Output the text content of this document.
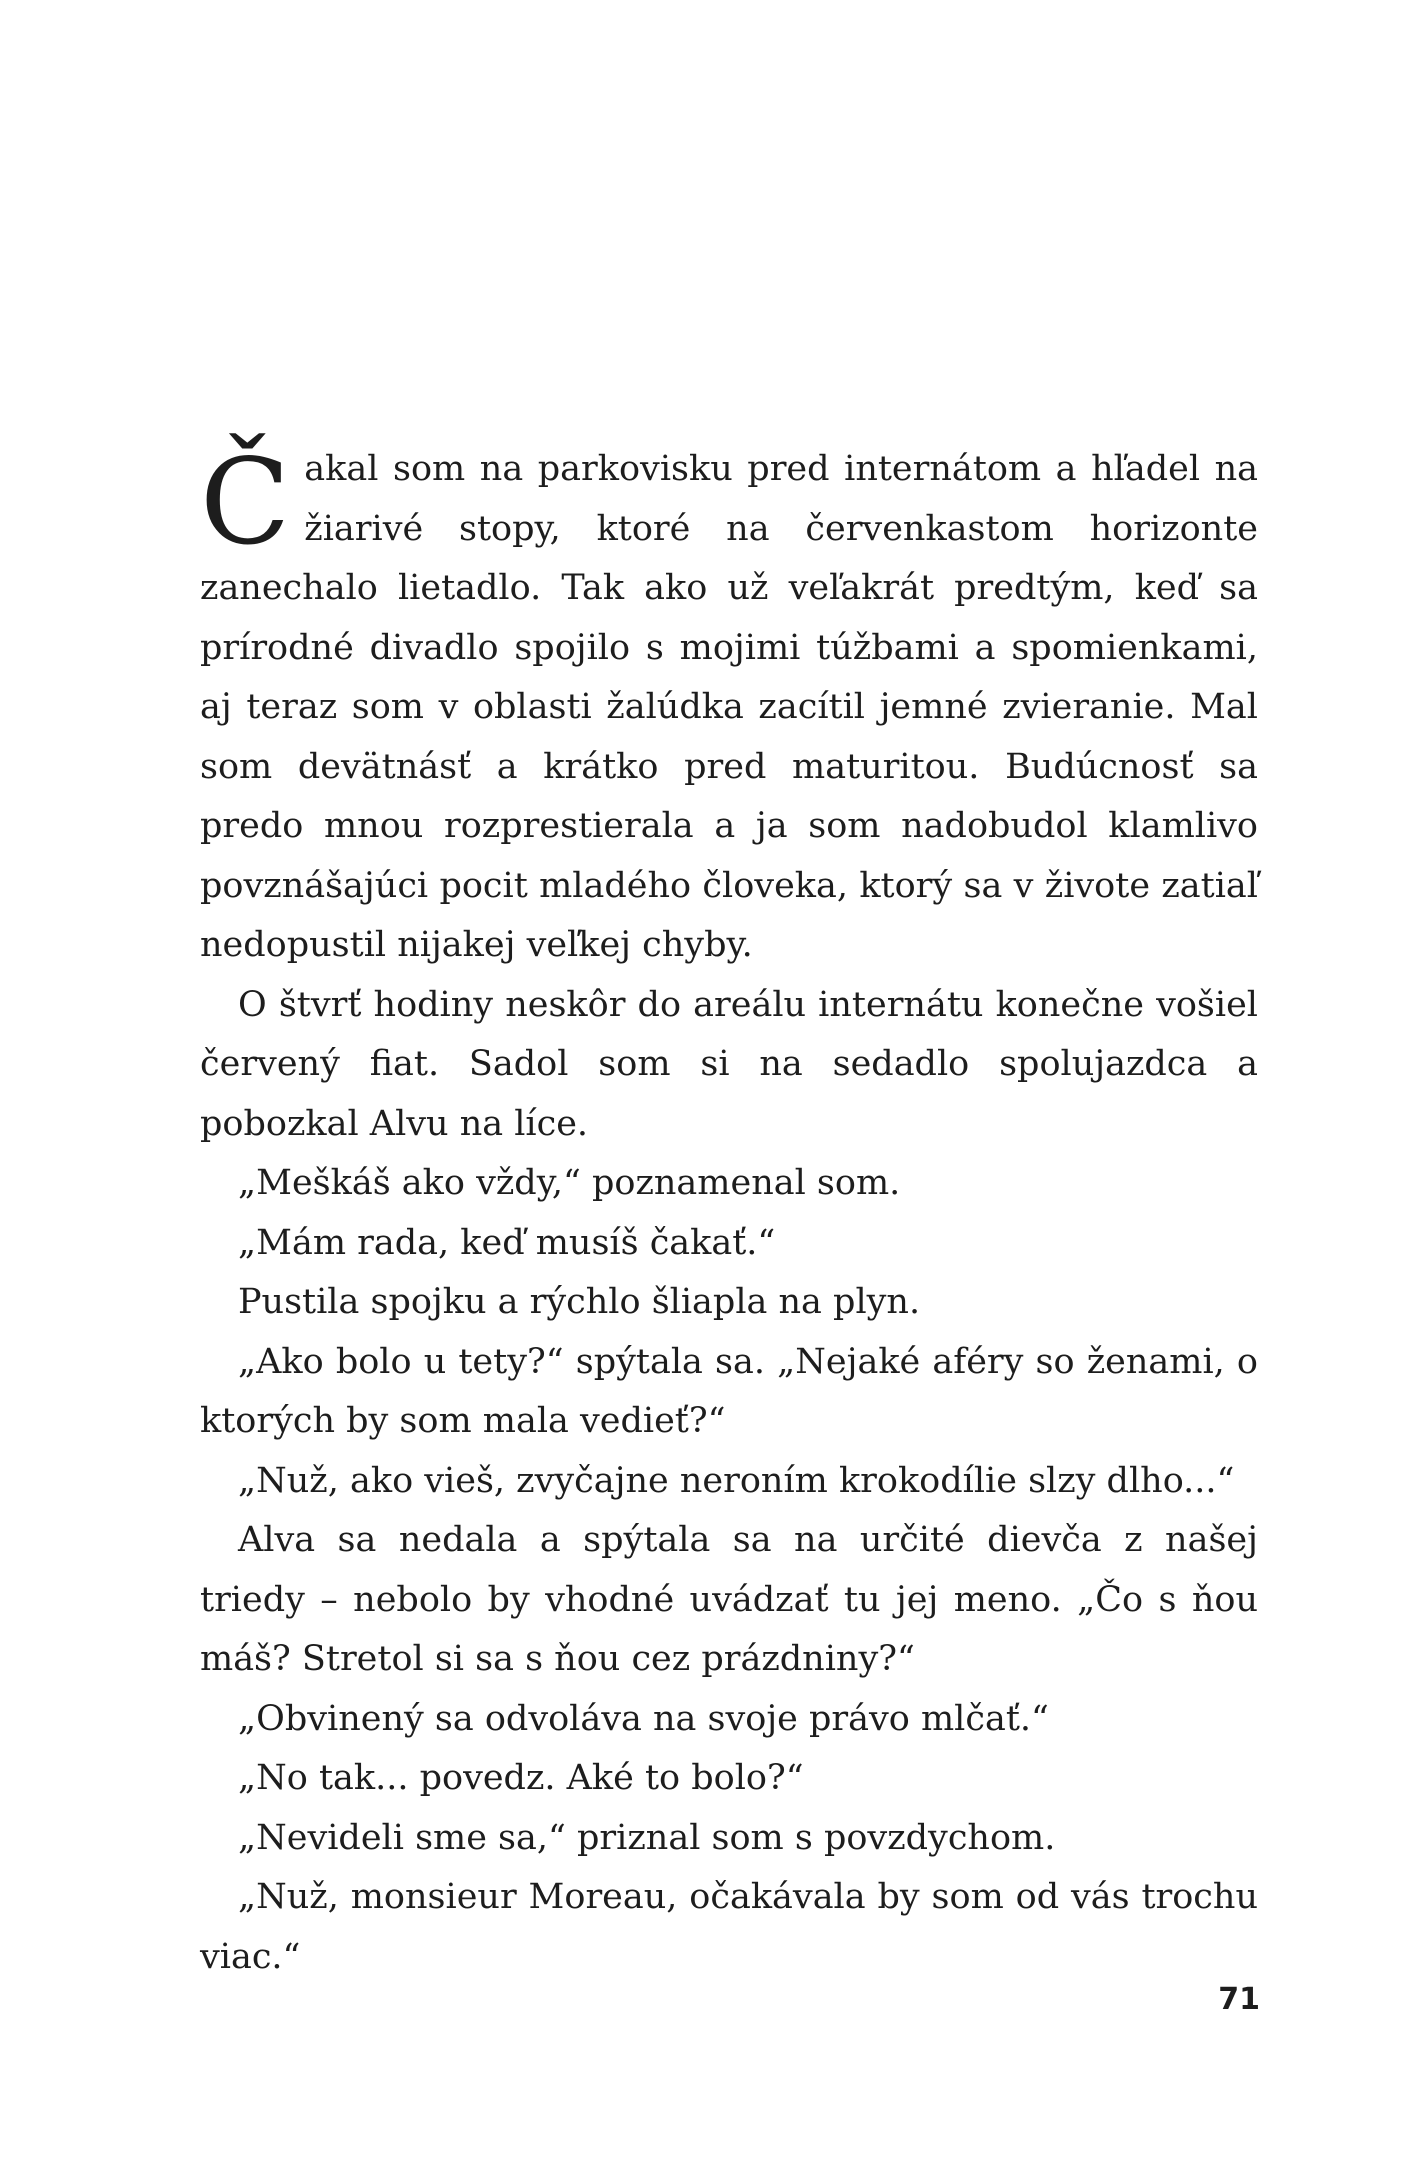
Čakal som na parkovisku pred internátom a hľadel na žiarivé stopy, ktoré na červenkastom horizonte zanechalo lietadlo. Tak ako už veľakrát predtým, keď sa prírodné divadlo spojilo s mojimi túžbami a spomienkami, aj teraz som v oblasti žalúdka zacítil jemné zvieranie. Mal som devätnásť a krátko pred maturitou. Budúcnosť sa predo mnou rozprestierala a ja som nadobudol klamlivo povznášajúci pocit mladého človeka, ktorý sa v živote zatiaľ nedopustil nijakej veľkej chyby.

O štvrť hodiny neskôr do areálu internátu konečne vošiel červený fiat. Sadol som si na sedadlo spolujazdca a pobozkal Alvu na líce.

„Meškáš ako vždy,“ poznamenal som.

„Mám rada, keď musíš čakať.“

Pustila spojku a rýchlo šliapla na plyn.

„Ako bolo u tety?“ spýtala sa. „Nejaké aféry so ženami, o ktorých by som mala vedieť?“

„Nuž, ako vieš, zvyčajne neroním krokodílie slzy dlho...“

Alva sa nedala a spýtala sa na určité dievča z našej triedy – nebolo by vhodné uvádzať tu jej meno. „Čo s ňou máš? Stretol si sa s ňou cez prázdniny?“

„Obvinený sa odvoláva na svoje právo mlčať.“

„No tak... povedz. Aké to bolo?“

„Nevideli sme sa,“ priznal som s povzdychom.

„Nuž, monsieur Moreau, očakávala by som od vás trochu viac.“

71
